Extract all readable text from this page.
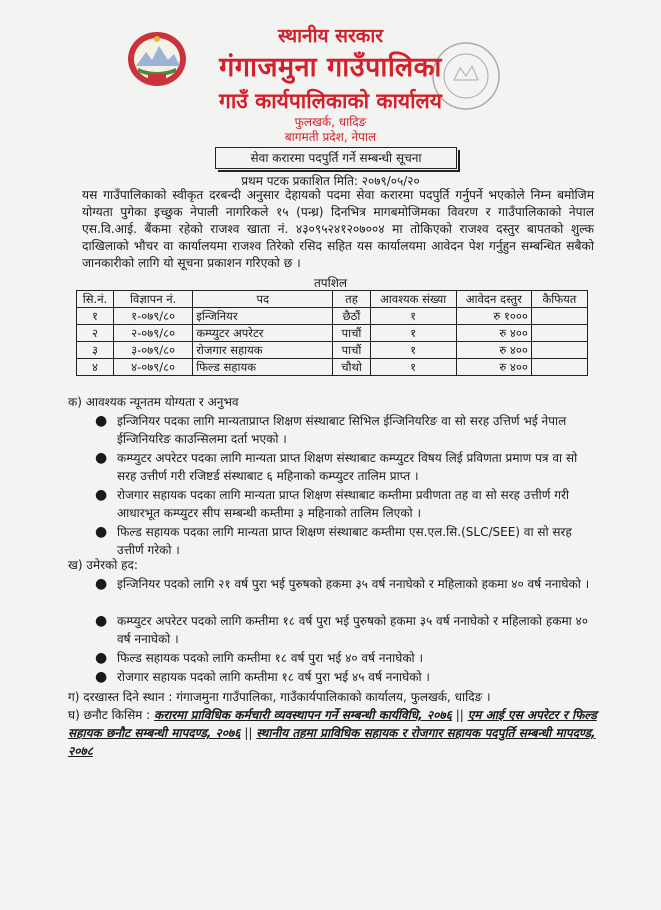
स्थानीय सरकार
गंगाजमुना गाउँपालिका
गाउँ कार्यपालिकाको कार्यालय
फुलखर्क, धादिङ
बागमती प्रदेश, नेपाल
सेवा करारमा पदपुर्ति गर्ने सम्बन्धी सूचना
प्रथम पटक प्रकाशित मिति: २०७९/०५/२०
यस गाउँपालिकाको स्वीकृत दरबन्दी अनुसार देहायको पदमा सेवा करारमा पदपुर्ति गर्नुपर्ने भएकोले निम्न बमोजिम योग्यता पुगेका इच्छुक नेपाली नागरिकले १५ (पन्ध्र) दिनभित्र मागबमोजिमका विवरण र गाउँपालिकाको नेपाल एस.वि.आई. बैंकमा रहेको राजश्व खाता नं. ४३०९५२४१२०७००४ मा तोकिएको राजश्व दस्तुर बापतको शुल्क दाखिलाको भौचर वा कार्यालयमा राजश्व तिरेको रसिद सहित यस कार्यालयमा आवेदन पेश गर्नुहुन सम्बन्धित सबैको जानकारीको लागि यो सूचना प्रकाशन गरिएको छ ।
तपशिल
सि.नं.	विज्ञापन नं.	पद	तह	आवश्यक संख्या	आवेदन दस्तुर	कैफियत
१	१-०७९/८०	इन्जिनियर	छैठौं	१	रु १०००	
२	२-०७९/८०	कम्प्युटर अपरेटर	पाचौं	१	रु ४००	
३	३-०७९/८०	रोजगार सहायक	पाचौं	१	रु ४००	
४	४-०७९/८०	फिल्ड सहायक	चौथो	१	रु ४००	
क) आवश्यक न्यूनतम योग्यता र अनुभव
● इन्जिनियर पदका लागि मान्यताप्राप्त शिक्षण संस्थाबाट सिभिल ईन्जिनियरिङ वा सो सरह उत्तिर्ण भई नेपाल ईन्जिनियरिङ काउन्सिलमा दर्ता भएको ।
● कम्प्युटर अपरेटर पदका लागि मान्यता प्राप्त शिक्षण संस्थाबाट कम्प्युटर विषय लिई प्रविणता प्रमाण पत्र वा सो सरह उत्तीर्ण गरी रजिष्टर्ड संस्थाबाट ६ महिनाको कम्प्युटर तालिम प्राप्त ।
● रोजगार सहायक पदका लागि मान्यता प्राप्त शिक्षण संस्थाबाट कम्तीमा प्रवीणता तह वा सो सरह उत्तीर्ण गरी आधारभूत कम्प्युटर सीप सम्बन्धी कम्तीमा ३ महिनाको तालिम लिएको ।
● फिल्ड सहायक पदका लागि मान्यता प्राप्त शिक्षण संस्थाबाट कम्तीमा एस.एल.सि.(SLC/SEE) वा सो सरह उत्तीर्ण गरेको ।
ख) उमेरको हद:
● इन्जिनियर पदको लागि २१ वर्ष पुरा भई पुरुषको हकमा ३५ वर्ष ननाघेको र महिलाको हकमा ४० वर्ष ननाघेको ।
● कम्प्युटर अपरेटर पदको लागि कम्तीमा १८ वर्ष पुरा भई पुरुषको हकमा ३५ वर्ष ननाघेको र महिलाको हकमा ४० वर्ष ननाघेको ।
● फिल्ड सहायक पदको लागि कम्तीमा १८ वर्ष पुरा भई ४० वर्ष ननाघेको ।
● रोजगार सहायक पदको लागि कम्तीमा १८ वर्ष पुरा भई ४५ वर्ष ननाघेको ।
ग) दरखास्त दिने स्थान : गंगाजमुना गाउँपालिका, गाउँकार्यपालिकाको कार्यालय, फुलखर्क, धादिङ ।
घ) छनौट किसिम : करारमा प्राविधिक कर्मचारी व्यवस्थापन गर्ने सम्बन्धी कार्यविधि, २०७६ || एम आई एस अपरेटर र फिल्ड सहायक छनौट सम्बन्धी मापदण्ड, २०७६ || स्थानीय तहमा प्राविधिक सहायक र रोजगार सहायक पदपुर्ति सम्बन्धी मापदण्ड, २०७८
